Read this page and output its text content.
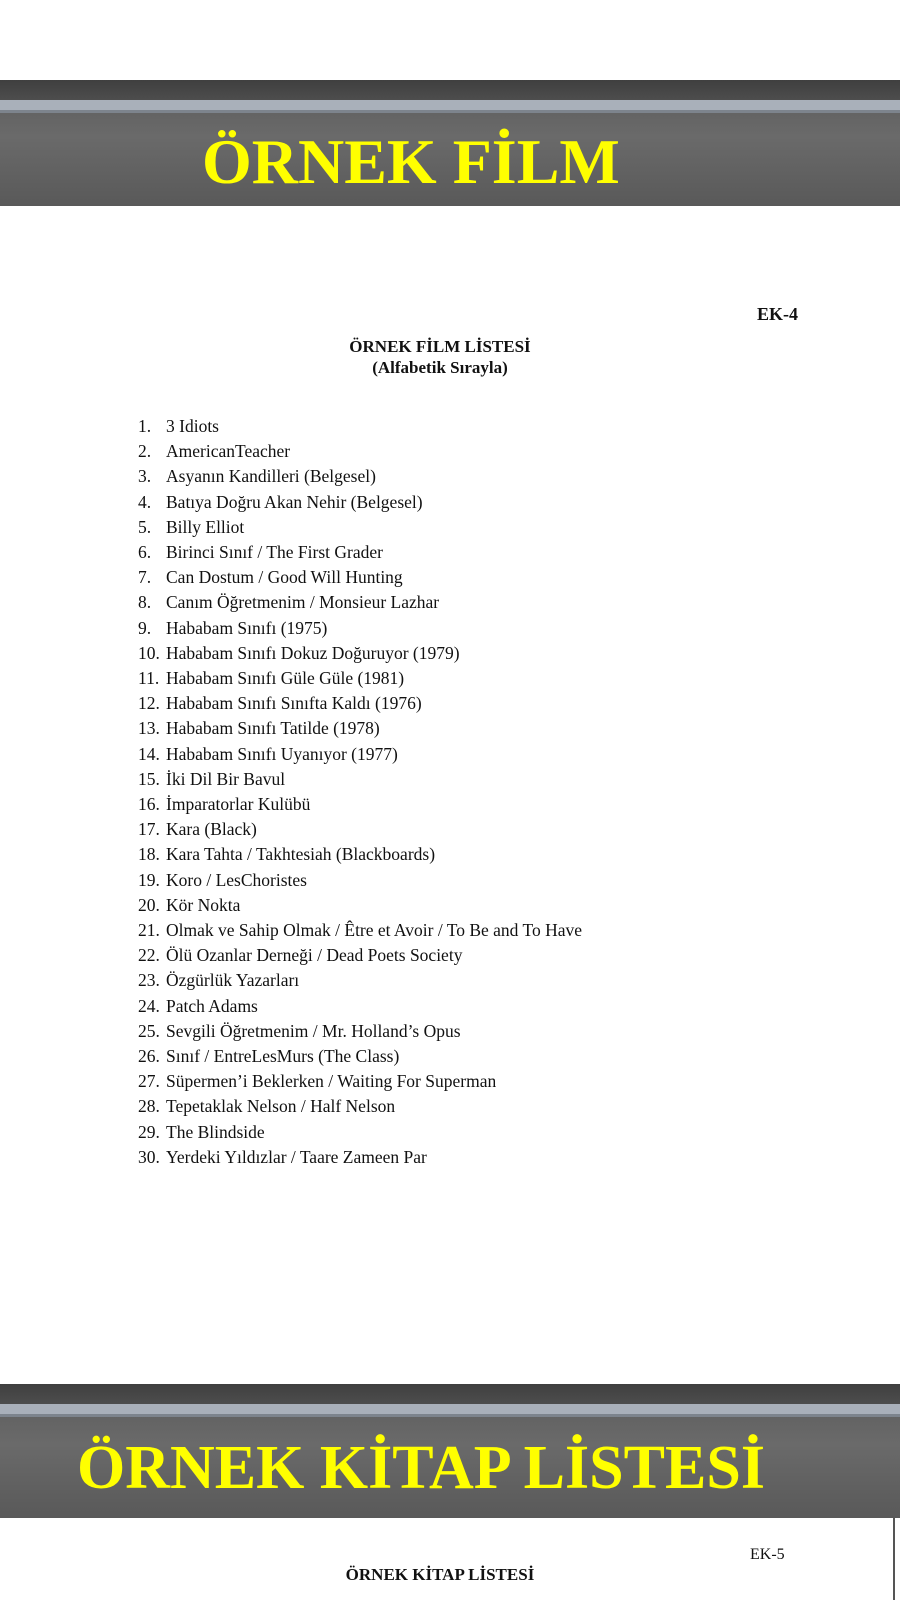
ÖRNEK FİLM
EK-4
ÖRNEK FİLM LİSTESİ
(Alfabetik Sırayla)
1. 3 Idiots
2. AmericanTeacher
3. Asyanın Kandilleri (Belgesel)
4. Batıya Doğru Akan Nehir (Belgesel)
5. Billy Elliot
6. Birinci Sınıf / The First Grader
7. Can Dostum / Good Will Hunting
8. Canım Öğretmenim / Monsieur Lazhar
9. Hababam Sınıfı (1975)
10. Hababam Sınıfı Dokuz Doğuruyor (1979)
11. Hababam Sınıfı Güle Güle (1981)
12. Hababam Sınıfı Sınıfta Kaldı (1976)
13. Hababam Sınıfı Tatilde (1978)
14. Hababam Sınıfı Uyanıyor (1977)
15. İki Dil Bir Bavul
16. İmparatorlar Kulübü
17. Kara (Black)
18. Kara Tahta / Takhtesiah (Blackboards)
19. Koro / LesChoristes
20. Kör Nokta
21. Olmak ve Sahip Olmak / Être et Avoir / To Be and To Have
22. Ölü Ozanlar Derneği / Dead Poets Society
23. Özgürlük Yazarları
24. Patch Adams
25. Sevgili Öğretmenim / Mr. Holland’s Opus
26. Sınıf / EntreLesMurs (The Class)
27. Süpermen’i Beklerken / Waiting For Superman
28. Tepetaklak Nelson / Half Nelson
29. The Blindside
30. Yerdeki Yıldızlar / Taare Zameen Par
ÖRNEK KİTAP LİSTESİ
EK-5
ÖRNEK KİTAP LİSTESİ
